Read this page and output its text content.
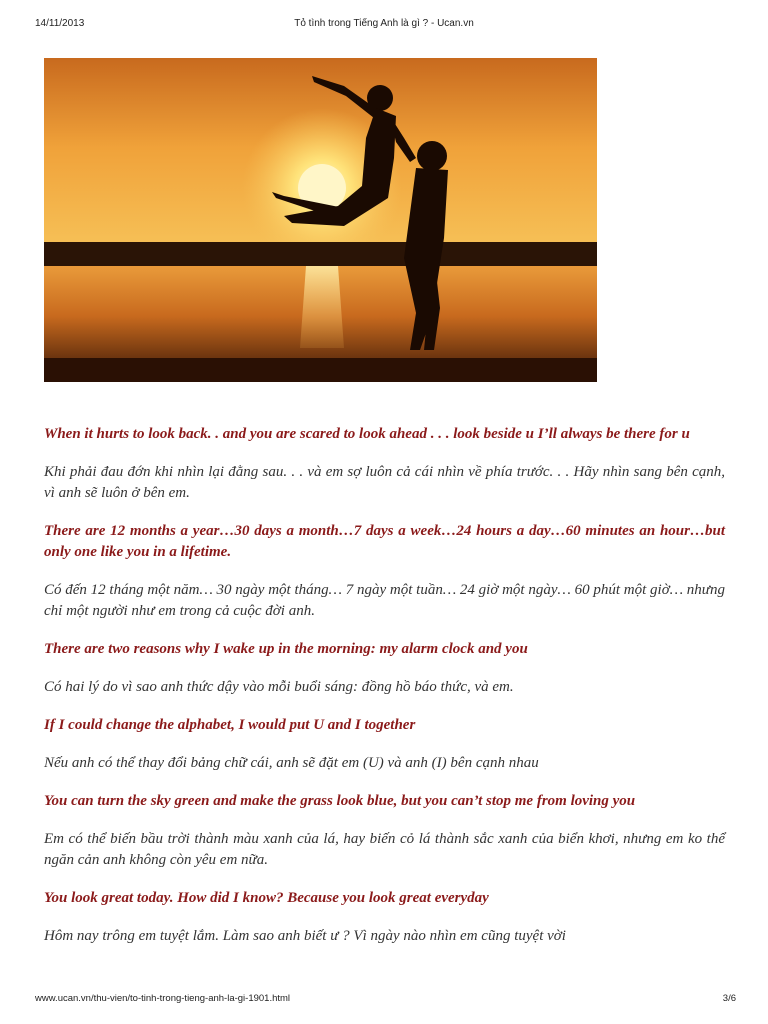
14/11/2013	Tỏ tình trong Tiếng Anh là gì ? - Ucan.vn

When it hurts to look back. . and you are scared to look ahead . . . look beside u I’ll always be there for u

Khi phải đau đớn khi nhìn lại đằng sau. . . và em sợ luôn cả cái nhìn về phía trước. . . Hãy nhìn sang bên cạnh, vì anh sẽ luôn ở bên em.

There are 12 months a year…30 days a month…7 days a week…24 hours a day…60 minutes an hour…but only one like you in a lifetime.

Có đến 12 tháng một năm… 30 ngày một tháng… 7 ngày một tuần… 24 giờ một ngày… 60 phút một giờ… nhưng chỉ một người như em trong cả cuộc đời anh.

There are two reasons why I wake up in the morning: my alarm clock and you

Có hai lý do vì sao anh thức dậy vào mỗi buổi sáng: đồng hồ báo thức, và em.

If I could change the alphabet, I would put U and I together

Nếu anh có thể thay đổi bảng chữ cái, anh sẽ đặt em (U) và anh (I) bên cạnh nhau

You can turn the sky green and make the grass look blue, but you can’t stop me from loving you

Em có thể biến bầu trời thành màu xanh của lá, hay biến cỏ lá thành sắc xanh của biển khơi, nhưng em ko thể ngăn cản anh không còn yêu em nữa.

You look great today. How did I know? Because you look great everyday

Hôm nay trông em tuyệt lắm. Làm sao anh biết ư ? Vì ngày nào nhìn em cũng tuyệt vời

www.ucan.vn/thu-vien/to-tinh-trong-tieng-anh-la-gi-1901.html	3/6
